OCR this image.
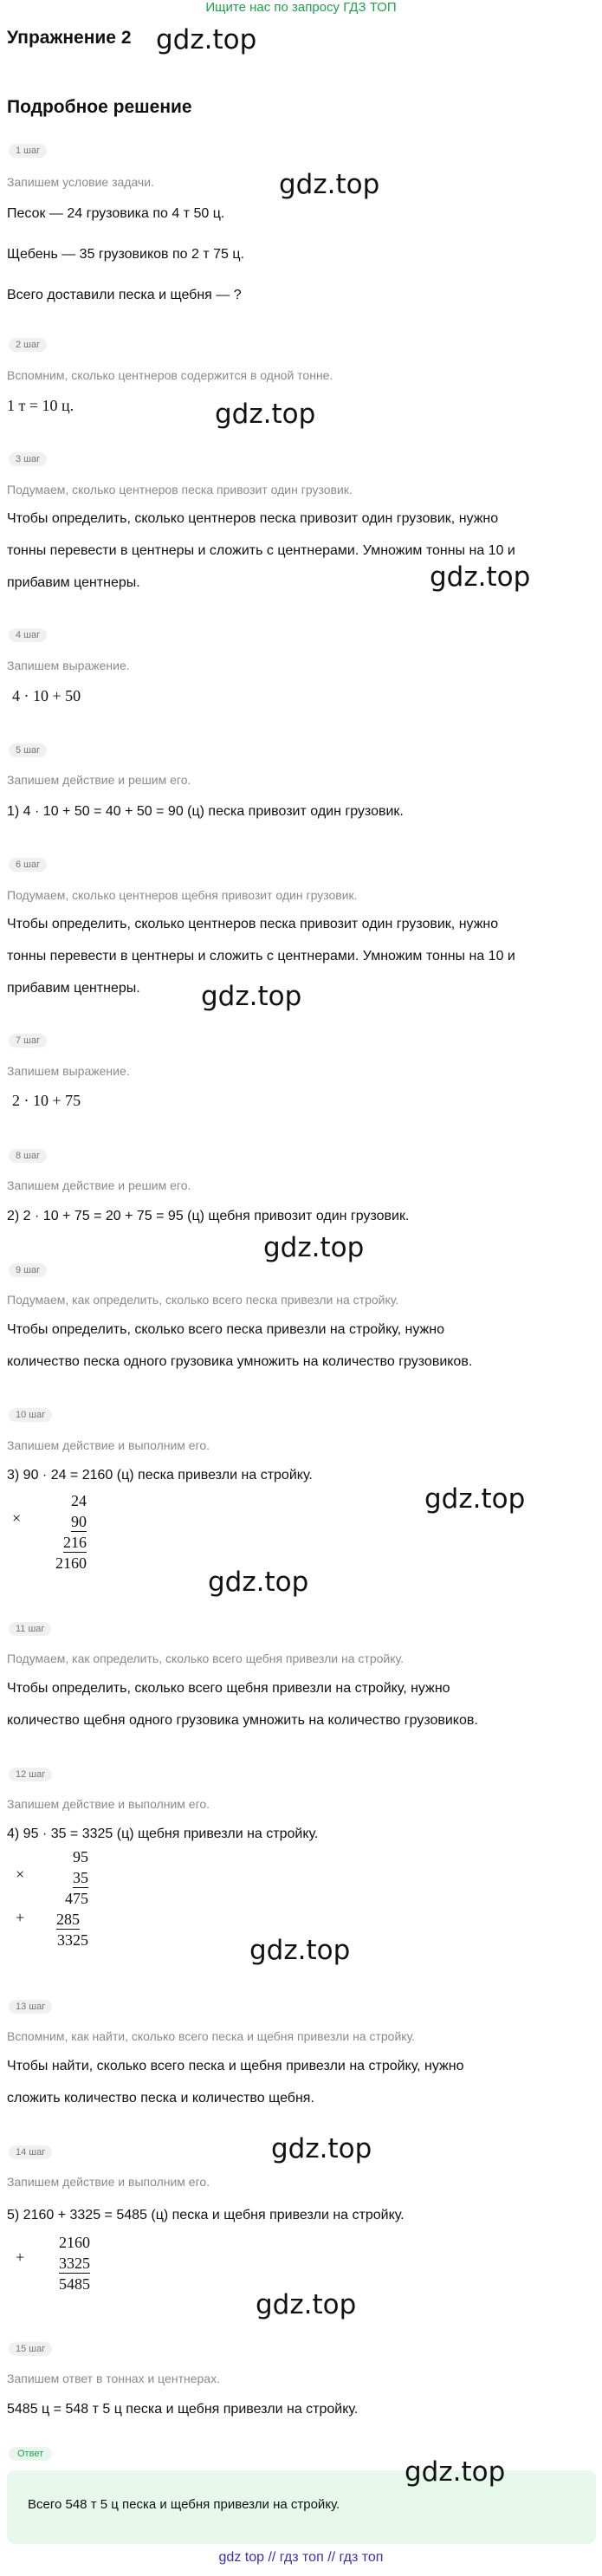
Ищите нас по запросу ГДЗ ТОП
Упражнение 2 gdz.top
Подробное решение
1 шаг
Запишем условие задачи.	gdz.top
Песок — 24 грузовика по 4 т 50 ц.
Щебень — 35 грузовиков по 2 т 75 ц.
Всего доставили песка и щебня — ?
2 шаг
Вспомним, сколько центнеров содержится в одной тонне.
1 т = 10 ц.	gdz.top
3 шаг
Подумаем, сколько центнеров песка привозит один грузовик.
Чтобы определить, сколько центнеров песка привозит один грузовик, нужно
тонны перевести в центнеры и сложить с центнерами. Умножим тонны на 10 и
прибавим центнеры.	gdz.top
4 шаг
Запишем выражение.
4 · 10 + 50
5 шаг
Запишем действие и решим его.
1) 4 · 10 + 50 = 40 + 50 = 90 (ц) песка привозит один грузовик.
6 шаг
Подумаем, сколько центнеров щебня привозит один грузовик.
Чтобы определить, сколько центнеров песка привозит один грузовик, нужно
тонны перевести в центнеры и сложить с центнерами. Умножим тонны на 10 и
прибавим центнеры. gdz.top
7 шаг
Запишем выражение.
2 · 10 + 75
8 шаг
Запишем действие и решим его.
2) 2 · 10 + 75 = 20 + 75 = 95 (ц) щебня привозит один грузовик.
gdz.top
9 шаг
Подумаем, как определить, сколько всего песка привезли на стройку.
Чтобы определить, сколько всего песка привезли на стройку, нужно
количество песка одного грузовика умножить на количество грузовиков.
10 шаг
Запишем действие и выполним его.
3) 90 · 24 = 2160 (ц) песка привезли на стройку.
gdz.top
×
24
90
216
2160
gdz.top
11 шаг
Подумаем, как определить, сколько всего щебня привезли на стройку.
Чтобы определить, сколько всего щебня привезли на стройку, нужно
количество щебня одного грузовика умножить на количество грузовиков.
12 шаг
Запишем действие и выполним его.
4) 95 · 35 = 3325 (ц) щебня привезли на стройку.
×
+
95
35
475
285
3325	gdz.top
13 шаг
Вспомним, как найти, сколько всего песка и щебня привезли на стройку.
Чтобы найти, сколько всего песка и щебня привезли на стройку, нужно
сложить количество песка и количество щебня.
gdz.top
14 шаг
Запишем действие и выполним его.
5) 2160 + 3325 = 5485 (ц) песка и щебня привезли на стройку.
+
2160
3325
5485
gdz.top
15 шаг
Запишем ответ в тоннах и центнерах.
5485 ц = 548 т 5 ц песка и щебня привезли на стройку.
Ответ
gdz.top
Всего 548 т 5 ц песка и щебня привезли на стройку.
gdz top // гдз топ // гдз топ
